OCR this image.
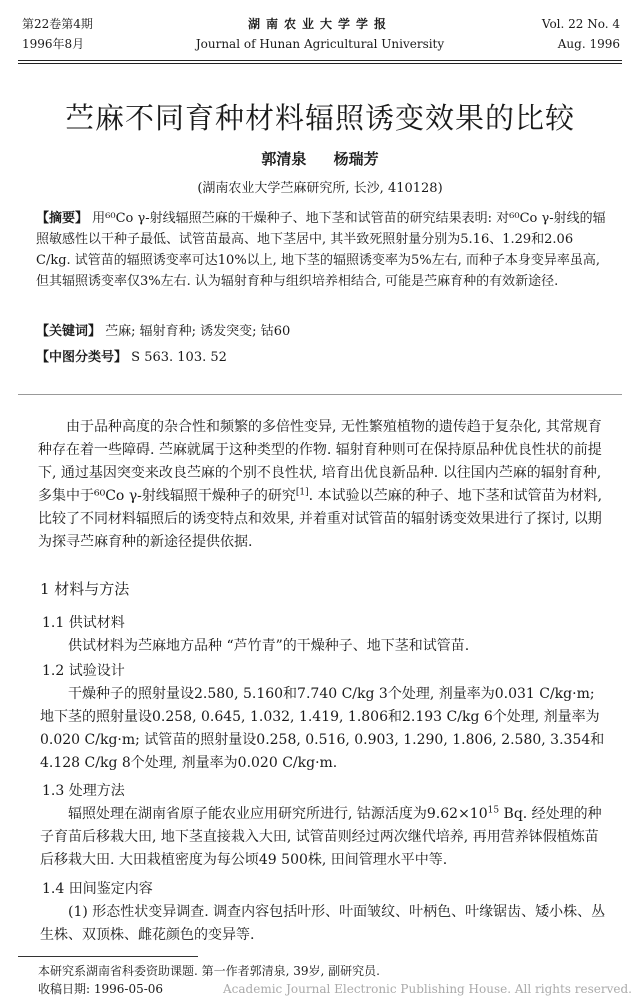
第22卷第4期
1996年8月
湖南农业大学学报
Journal of Hunan Agricultural University
Vol. 22 No. 4
Aug. 1996
苎麻不同育种材料辐照诱变效果的比较
郭清泉 杨瑞芳
(湖南农业大学苎麻研究所, 长沙, 410128)
【摘要】 用⁶⁰Co γ-射线辐照苎麻的干燥种子、地下茎和试管苗的研究结果表明: 对⁶⁰Co γ-射线的辐照敏感性以干种子最低、试管苗最高、地下茎居中, 其半致死照射量分别为5.16、1.29和2.06 C/kg. 试管苗的辐照诱变率可达10%以上, 地下茎的辐照诱变率为5%左右, 而种子本身变异率虽高, 但其辐照诱变率仅3%左右. 认为辐射育种与组织培养相结合, 可能是苎麻育种的有效新途径.
【关键词】 苎麻; 辐射育种; 诱发突变; 钴60
【中图分类号】 S 563. 103. 52
由于品种高度的杂合性和频繁的多倍性变异, 无性繁殖植物的遗传趋于复杂化, 其常规育种存在着一些障碍. 苎麻就属于这种类型的作物. 辐射育种则可在保持原品种优良性状的前提下, 通过基因突变来改良苎麻的个别不良性状, 培育出优良新品种. 以往国内苎麻的辐射育种, 多集中于⁶⁰Co γ-射线辐照干燥种子的研究[1]. 本试验以苎麻的种子、地下茎和试管苗为材料, 比较了不同材料辐照后的诱变特点和效果, 并着重对试管苗的辐射诱变效果进行了探讨, 以期为探寻苎麻育种的新途径提供依据.
1 材料与方法
1.1 供试材料
供试材料为苎麻地方品种 “芦竹青”的干燥种子、地下茎和试管苗.
1.2 试验设计
干燥种子的照射量设2.580, 5.160和7.740 C/kg 3个处理, 剂量率为0.031 C/kg·m; 地下茎的照射量设0.258, 0.645, 1.032, 1.419, 1.806和2.193 C/kg 6个处理, 剂量率为0.020 C/kg·m; 试管苗的照射量设0.258, 0.516, 0.903, 1.290, 1.806, 2.580, 3.354和4.128 C/kg 8个处理, 剂量率为0.020 C/kg·m.
1.3 处理方法
辐照处理在湖南省原子能农业应用研究所进行, 钴源活度为$9.62\times 10^{15}$ Bq. 经处理的种子育苗后移栽大田, 地下茎直接栽入大田, 试管苗则经过两次继代培养, 再用营养钵假植炼苗后移栽大田. 大田栽植密度为每公顷49 500株, 田间管理水平中等.
1.4 田间鉴定内容
(1) 形态性状变异调查. 调查内容包括叶形、叶面皱纹、叶柄色、叶缘锯齿、矮小株、丛生株、双顶株、雌花颜色的变异等.
本研究系湖南省科委资助课题. 第一作者郭清泉, 39岁, 副研究员.
收稿日期: 1996-05-06	Academic Journal Electronic Publishing House. All rights reserved.
